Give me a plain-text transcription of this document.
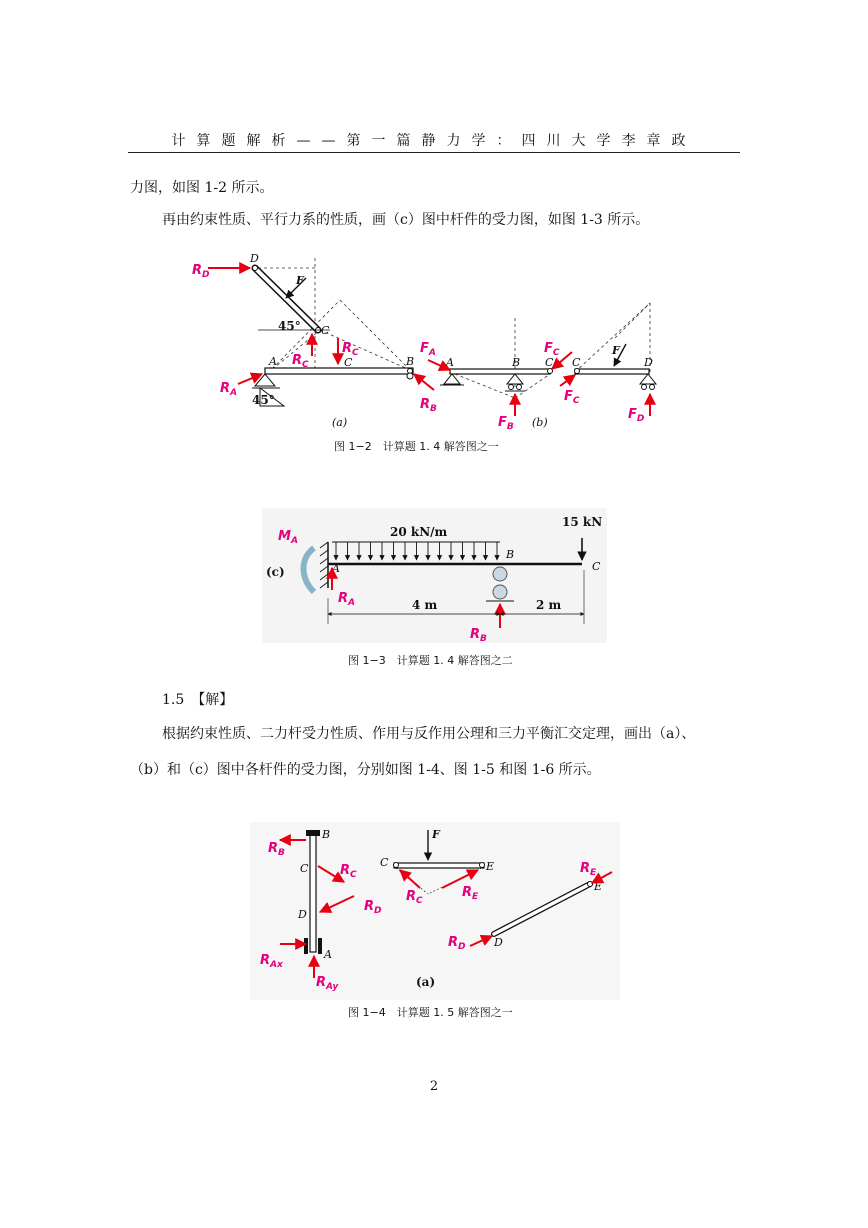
计算题解析——第一篇静力学：四川大学李章政
力图，如图 1-2 所示。
再由约束性质、平行力系的性质，画（c）图中杆件的受力图，如图 1-3 所示。
45°
F
D
C
A	C	B
45°
$R_D$
$R_C$
$R_C$
$R_A$
$R_B$
(a)
A	B C
$F_A$
$F_B$
$F_C$
(b)
C	D
F
$F_C$
$F_D$
图 1−2　计算题 1. 4 解答图之一
(c)
20 kN/m
15 kN
B
A	C
$M_A$
$R_A$
$R_B$
4 m	2 m
图 1−3　计算题 1. 4 解答图之二
1.5　【解】
根据约束性质、二力杆受力性质、作用与反作用公理和三力平衡汇交定理，画出（a）、
（b）和（c）图中各杆件的受力图，分别如图 1-4、图 1-5 和图 1-6 所示。
B
C
D
A
$R_B$
$R_C$
$R_D$
$R_{Ax}$
$R_{Ay}$
F
C	E
$R_C$
$R_E$
E
D
$R_D$
$R_E$
(a)
图 1−4　计算题 1. 5 解答图之一
2
